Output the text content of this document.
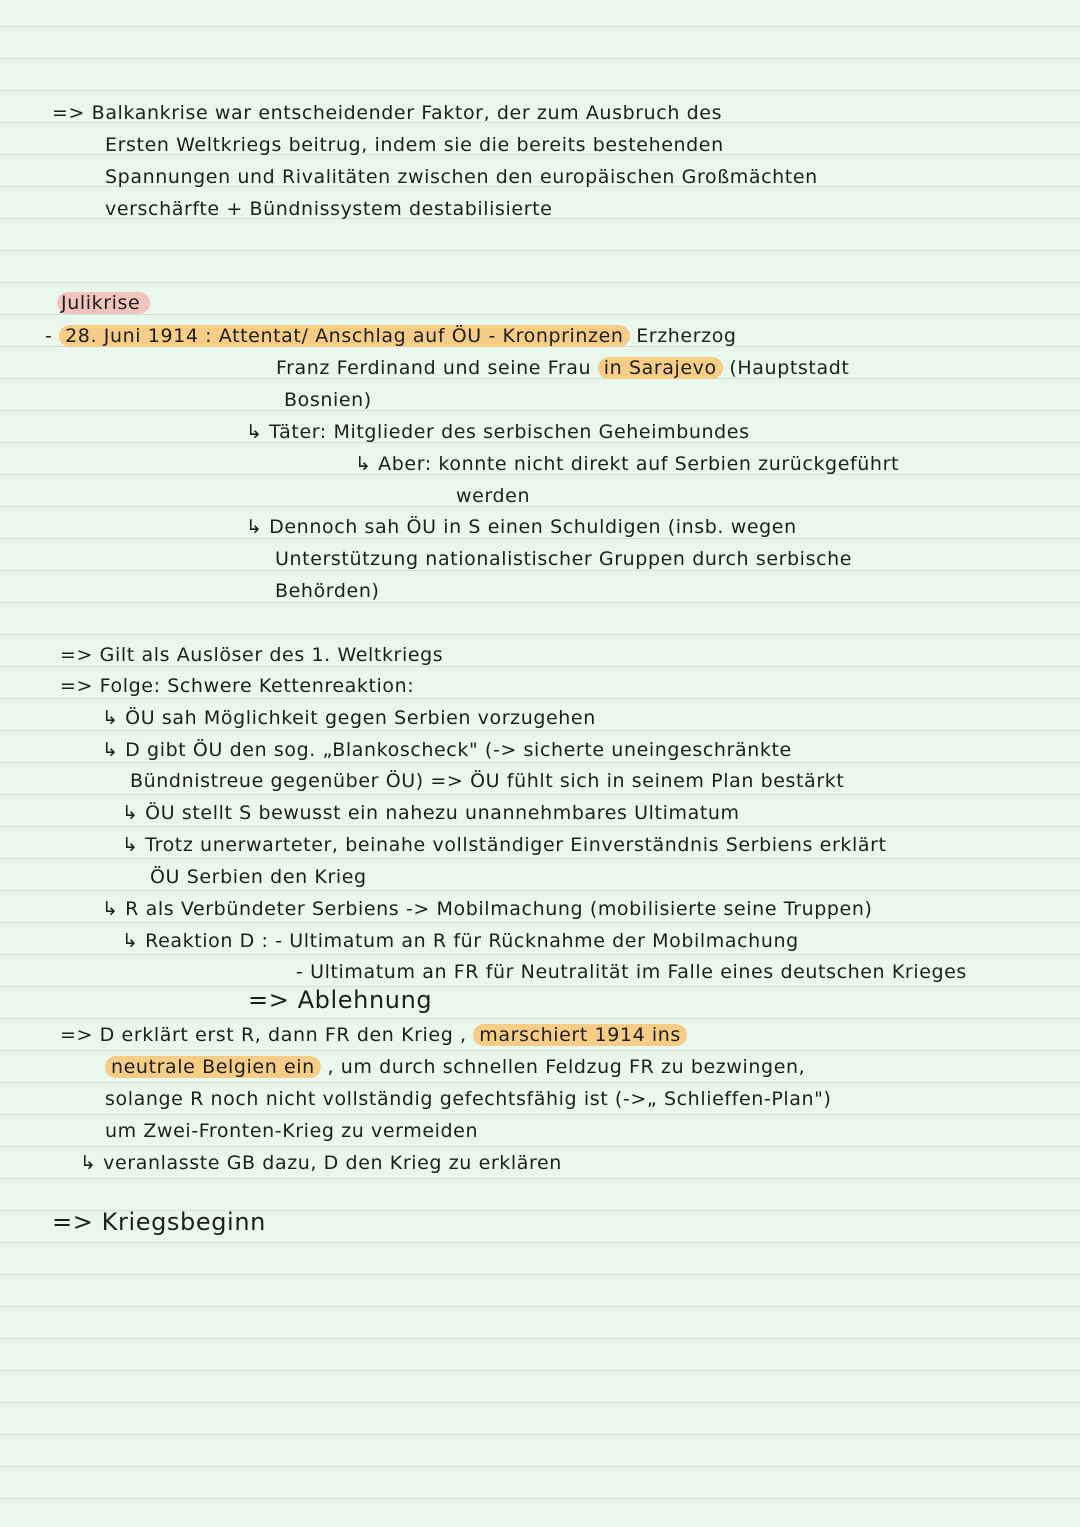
=> Balkankrise war entscheidender Faktor, der zum Ausbruch des
Ersten Weltkriegs beitrug, indem sie die bereits bestehenden
Spannungen und Rivalitäten zwischen den europäischen Großmächten
verschärfte + Bündnissystem destabilisierte
Julikrise
- 28. Juni 1914 : Attentat/ Anschlag auf ÖU - Kronprinzen Erzherzog
Franz Ferdinand und seine Frau in Sarajevo (Hauptstadt
Bosnien)
↳ Täter: Mitglieder des serbischen Geheimbundes
↳ Aber: konnte nicht direkt auf Serbien zurückgeführt
werden
↳ Dennoch sah ÖU in S einen Schuldigen (insb. wegen
Unterstützung nationalistischer Gruppen durch serbische
Behörden)
=> Gilt als Auslöser des 1. Weltkriegs
=> Folge: Schwere Kettenreaktion:
↳ ÖU sah Möglichkeit gegen Serbien vorzugehen
↳ D gibt ÖU den sog. „Blankoscheck" (-> sicherte uneingeschränkte
Bündnistreue gegenüber ÖU) => ÖU fühlt sich in seinem Plan bestärkt
↳ ÖU stellt S bewusst ein nahezu unannehmbares Ultimatum
↳ Trotz unerwarteter, beinahe vollständiger Einverständnis Serbiens erklärt
ÖU Serbien den Krieg
↳ R als Verbündeter Serbiens -> Mobilmachung (mobilisierte seine Truppen)
↳ Reaktion D : - Ultimatum an R für Rücknahme der Mobilmachung
- Ultimatum an FR für Neutralität im Falle eines deutschen Krieges
=> Ablehnung
=> D erklärt erst R, dann FR den Krieg , marschiert 1914 ins
neutrale Belgien ein , um durch schnellen Feldzug FR zu bezwingen,
solange R noch nicht vollständig gefechtsfähig ist (->„ Schlieffen-Plan")
um Zwei-Fronten-Krieg zu vermeiden
↳ veranlasste GB dazu, D den Krieg zu erklären
=> Kriegsbeginn
